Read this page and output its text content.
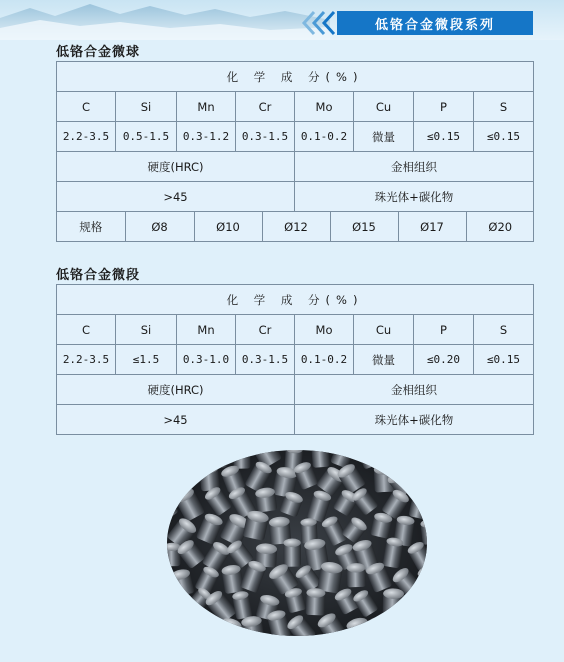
低铬合金微段系列
低铬合金微球
化 学 成 分(%)
C	Si	Mn	Cr	Mo	Cu	P	S
2.2-3.5	0.5-1.5	0.3-1.2	0.3-1.5	0.1-0.2	微量	≤0.15	≤0.15
硬度(HRC)	金相组织
>45	珠光体+碳化物

规格	Ø8	Ø10	Ø12	Ø15	Ø17	Ø20
低铬合金微段
化 学 成 分(%)							
C	Si	Mn	Cr	Mo	Cu	P	S
2.2-3.5	≤1.5	0.3-1.0	0.3-1.5	0.1-0.2	微量	≤0.20	≤0.15
硬度(HRC)				金相组织			
>45				珠光体+碳化物			
